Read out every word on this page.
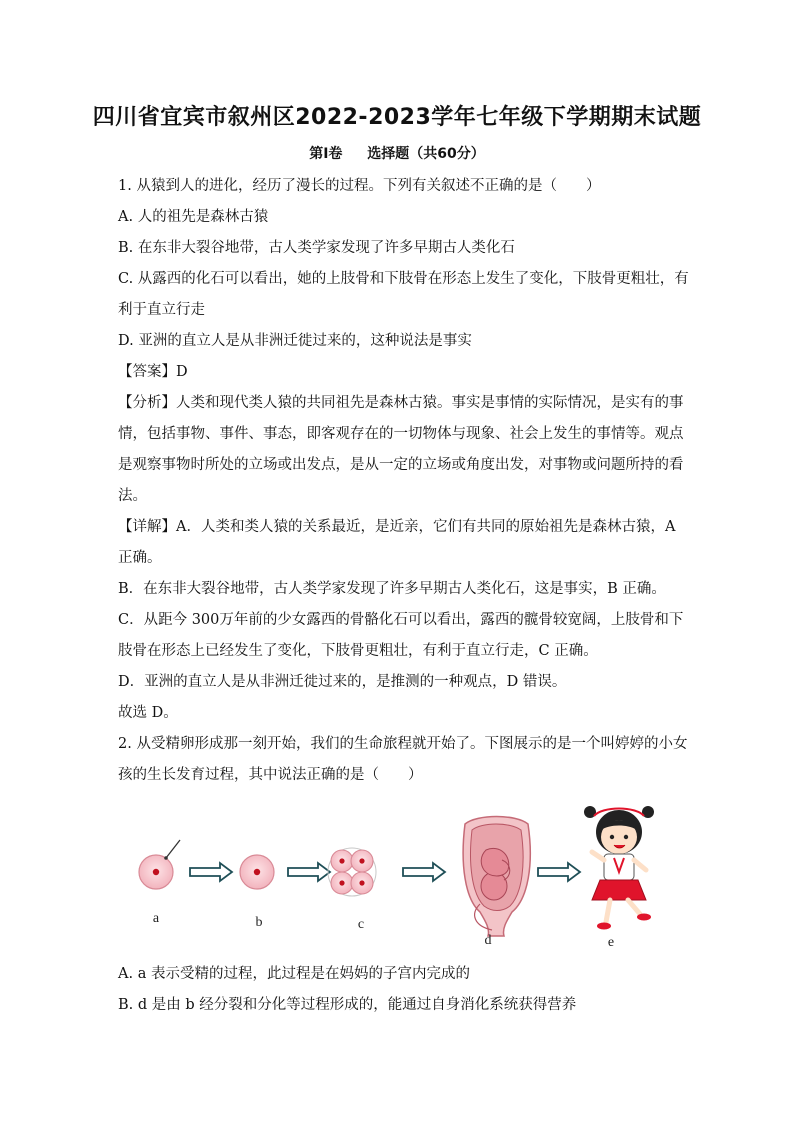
四川省宜宾市叙州区2022-2023学年七年级下学期期末试题
第Ⅰ卷　 选择题（共60分）
1. 从猿到人的进化，经历了漫长的过程。下列有关叙述不正确的是（　　）
A. 人的祖先是森林古猿
B. 在东非大裂谷地带，古人类学家发现了许多早期古人类化石
C. 从露西的化石可以看出，她的上肢骨和下肢骨在形态上发生了变化，下肢骨更粗壮，有
利于直立行走
D. 亚洲的直立人是从非洲迁徙过来的，这种说法是事实
【答案】D
【分析】人类和现代类人猿的共同祖先是森林古猿。事实是事情的实际情况，是实有的事
情，包括事物、事件、事态，即客观存在的一切物体与现象、社会上发生的事情等。观点
是观察事物时所处的立场或出发点，是从一定的立场或角度出发，对事物或问题所持的看
法。
【详解】A．人类和类人猿的关系最近，是近亲，它们有共同的原始祖先是森林古猿，A
正确。
B．在东非大裂谷地带，古人类学家发现了许多早期古人类化石，这是事实，B 正确。
C．从距今 300万年前的少女露西的骨骼化石可以看出，露西的髋骨较宽阔，上肢骨和下
肢骨在形态上已经发生了变化，下肢骨更粗壮，有利于直立行走，C 正确。
D．亚洲的直立人是从非洲迁徙过来的，是推测的一种观点，D 错误。
故选 D。
2. 从受精卵形成那一刻开始，我们的生命旅程就开始了。下图展示的是一个叫婷婷的小女
孩的生长发育过程，其中说法正确的是（　　）
a	b	c
d	e
A. a 表示受精的过程，此过程是在妈妈的子宫内完成的
B. d 是由 b 经分裂和分化等过程形成的，能通过自身消化系统获得营养
